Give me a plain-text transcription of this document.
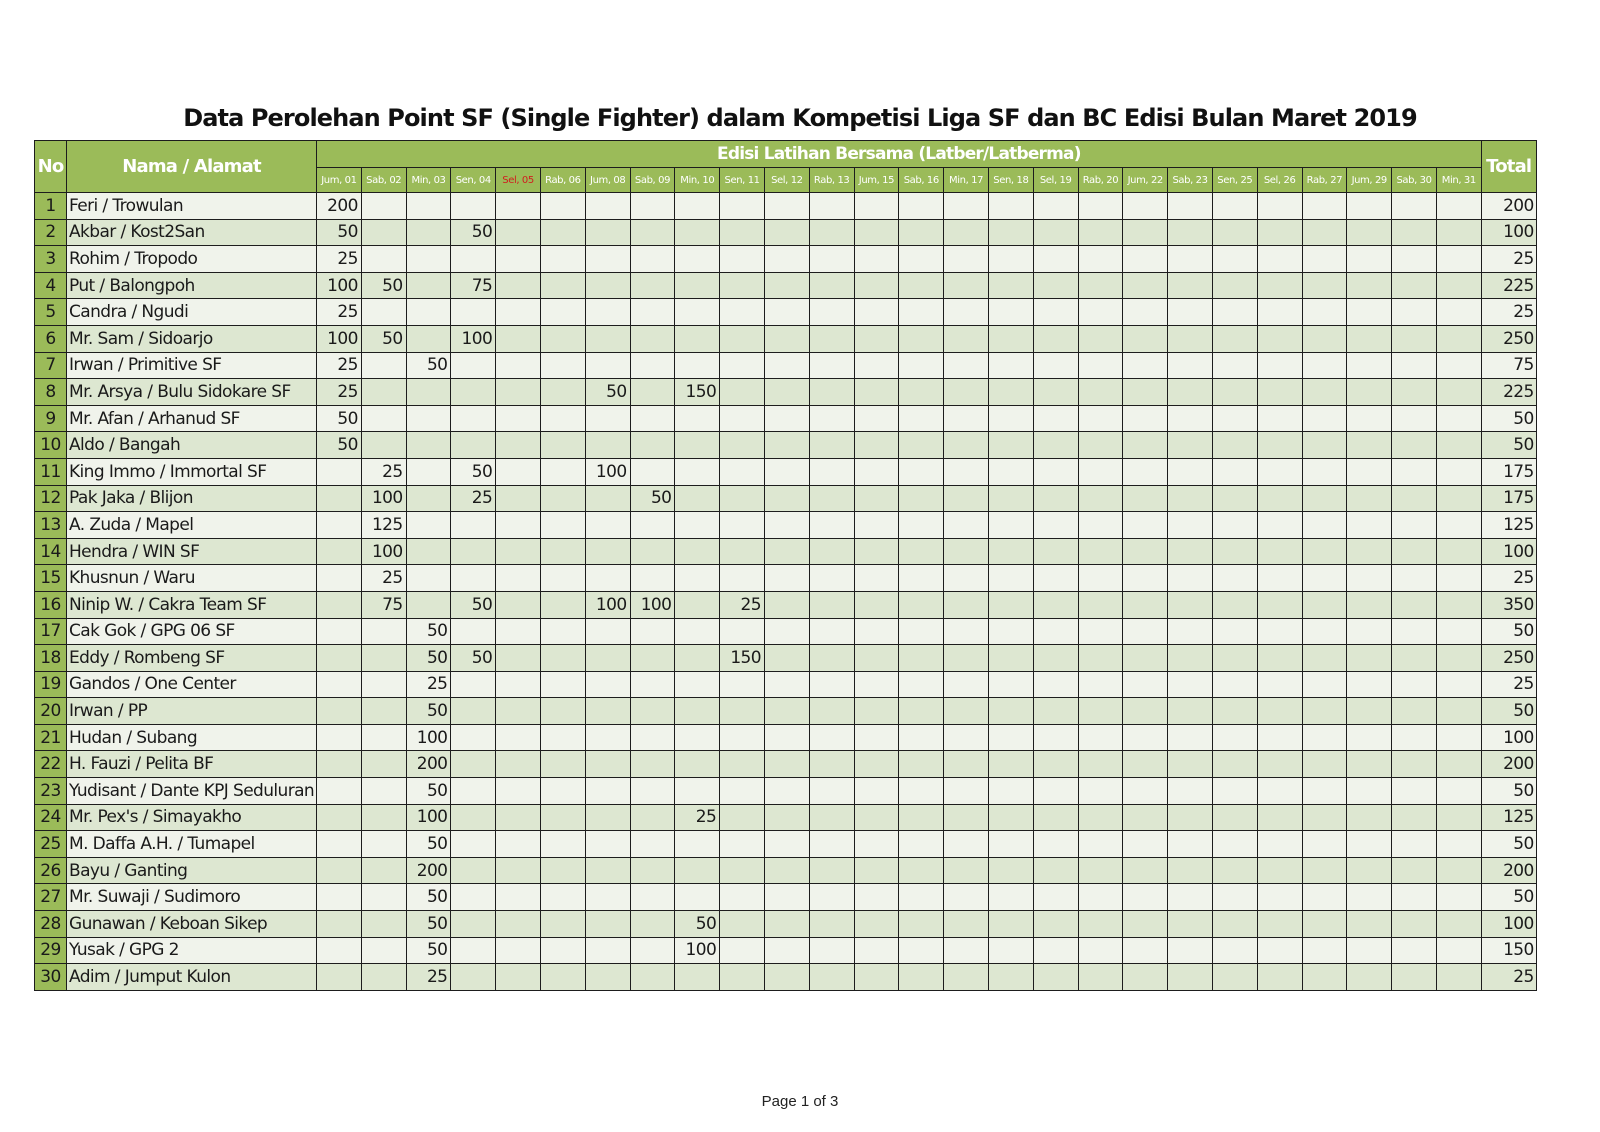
Data Perolehan Point SF (Single Fighter) dalam Kompetisi Liga SF dan BC Edisi Bulan Maret 2019
No	Nama / Alamat	Edisi Latihan Bersama (Latber/Latberma)																										Total
		Jum, 01	Sab, 02	Min, 03	Sen, 04	Sel, 05	Rab, 06	Jum, 08	Sab, 09	Min, 10	Sen, 11	Sel, 12	Rab, 13	Jum, 15	Sab, 16	Min, 17	Sen, 18	Sel, 19	Rab, 20	Jum, 22	Sab, 23	Sen, 25	Sel, 26	Rab, 27	Jum, 29	Sab, 30	Min, 31	
1	Feri / Trowulan	200																										200
2	Akbar / Kost2San	50			50																							100
3	Rohim / Tropodo	25																										25
4	Put / Balongpoh	100	50		75																							225
5	Candra / Ngudi	25																										25
6	Mr. Sam / Sidoarjo	100	50		100																							250
7	Irwan / Primitive SF	25		50																								75
8	Mr. Arsya / Bulu Sidokare SF	25						50		150																		225
9	Mr. Afan / Arhanud SF	50																										50
10	Aldo / Bangah	50																										50
11	King Immo / Immortal SF		25		50			100																				175
12	Pak Jaka / Blijon		100		25				50																			175
13	A. Zuda / Mapel		125																									125
14	Hendra / WIN SF		100																									100
15	Khusnun / Waru		25																									25
16	Ninip W. / Cakra Team SF		75		50			100	100		25																	350
17	Cak Gok / GPG 06 SF			50																								50
18	Eddy / Rombeng SF			50	50						150																	250
19	Gandos / One Center			25																								25
20	Irwan / PP			50																								50
21	Hudan / Subang			100																								100
22	H. Fauzi / Pelita BF			200																								200
23	Yudisant / Dante KPJ Seduluran			50																								50
24	Mr. Pex's / Simayakho			100						25																		125
25	M. Daffa A.H. / Tumapel			50																								50
26	Bayu / Ganting			200																								200
27	Mr. Suwaji / Sudimoro			50																								50
28	Gunawan / Keboan Sikep			50						50																		100
29	Yusak / GPG 2			50						100																		150
30	Adim / Jumput Kulon			25																								25
Page 1 of 3
